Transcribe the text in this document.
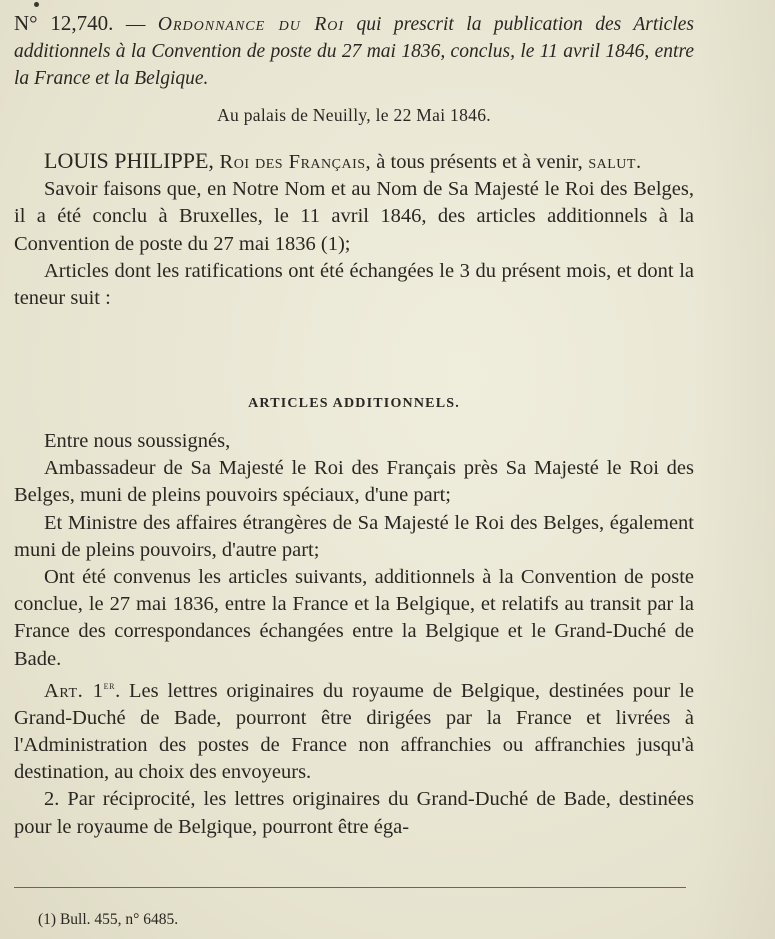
N° 12,740. — Ordonnance du Roi qui prescrit la publication des Articles additionnels à la Convention de poste du 27 mai 1836, conclus, le 11 avril 1846, entre la France et la Belgique.
Au palais de Neuilly, le 22 Mai 1846.

LOUIS PHILIPPE, Roi des Français, à tous présents et à venir, salut.

Savoir faisons que, en Notre Nom et au Nom de Sa Majesté le Roi des Belges, il a été conclu à Bruxelles, le 11 avril 1846, des articles additionnels à la Convention de poste du 27 mai 1836 (1);

Articles dont les ratifications ont été échangées le 3 du présent mois, et dont la teneur suit :

ARTICLES ADDITIONNELS.

Entre nous soussignés,

Ambassadeur de Sa Majesté le Roi des Français près Sa Majesté le Roi des Belges, muni de pleins pouvoirs spéciaux, d'une part;

Et Ministre des affaires étrangères de Sa Majesté le Roi des Belges, également muni de pleins pouvoirs, d'autre part;

Ont été convenus les articles suivants, additionnels à la Convention de poste conclue, le 27 mai 1836, entre la France et la Belgique, et relatifs au transit par la France des correspondances échangées entre la Belgique et le Grand-Duché de Bade.

Art. 1er. Les lettres originaires du royaume de Belgique, destinées pour le Grand-Duché de Bade, pourront être dirigées par la France et livrées à l'Administration des postes de France non affranchies ou affranchies jusqu'à destination, au choix des envoyeurs.

2. Par réciprocité, les lettres originaires du Grand-Duché de Bade, destinées pour le royaume de Belgique, pourront être éga-

(1) Bull. 455, n° 6485.
